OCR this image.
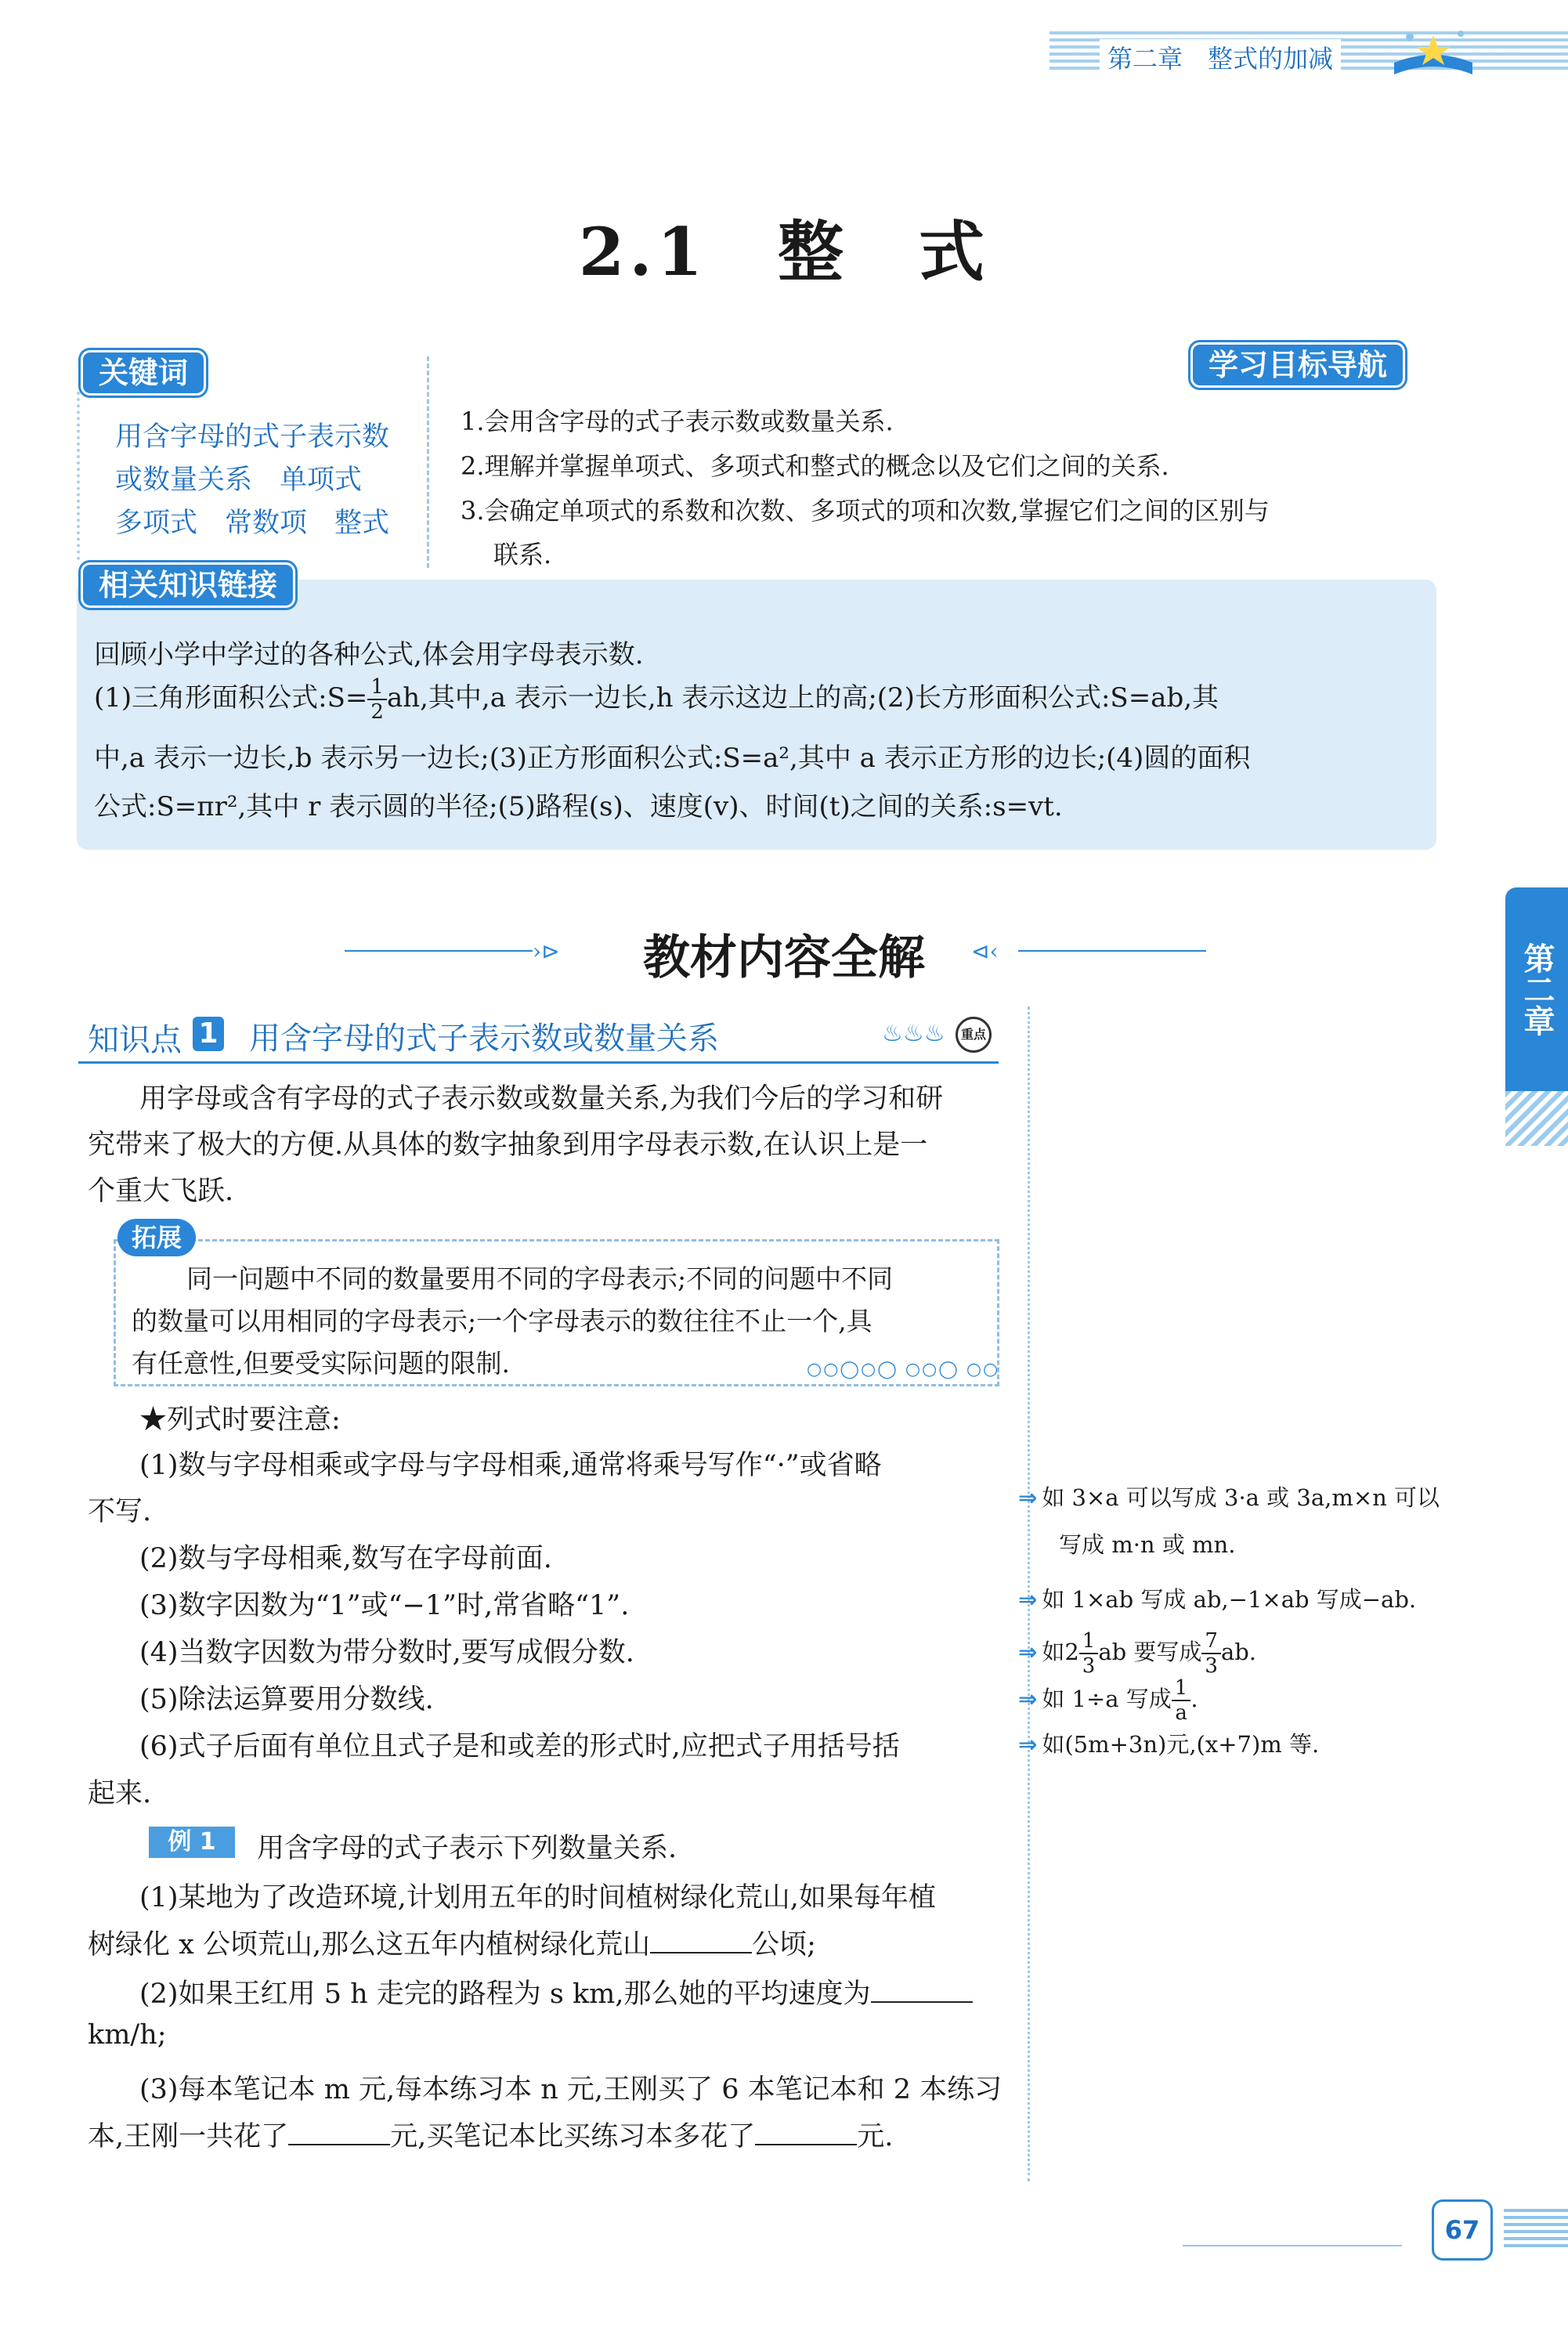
第二章　整式的加减
2.1　整　式
用含字母的式子表示数
或数量关系　单项式
多项式　常数项　整式
关键词
1.会用含字母的式子表示数或数量关系.
2.理解并掌握单项式、多项式和整式的概念以及它们之间的关系.
3.会确定单项式的系数和次数、多项式的项和次数,掌握它们之间的区别与
联系.
学习目标导航
回顾小学中学过的各种公式,体会用字母表示数.
(1)三角形面积公式:S= $\frac{1}{2}$ ah,其中,a 表示一边长,h 表示这边上的高;(2)长方形面积公式:S=ab,其
中,a 表示一边长,b 表示另一边长;(3)正方形面积公式:S=a²,其中 a 表示正方形的边长;(4)圆的面积
公式:S=πr²,其中 r 表示圆的半径;(5)路程(s)、速度(v)、时间(t)之间的关系:s=vt.
相关知识链接
›⊳	⊲‹
教材内容全解	第二章
知识点 1 用含字母的式子表示数或数量关系	♨♨♨	重点
用字母或含有字母的式子表示数或数量关系,为我们今后的学习和研
究带来了极大的方便.从具体的数字抽象到用字母表示数,在认识上是一
个重大飞跃.
同一问题中不同的数量要用不同的字母表示;不同的问题中不同
的数量可以用相同的字母表示;一个字母表示的数往往不止一个,具
有任意性,但要受实际问题的限制.
拓展
○○◯○◯ ○○◯ ○○
★列式时要注意:
(1)数与字母相乘或字母与字母相乘,通常将乘号写作“·”或省略
不写.
(2)数与字母相乘,数写在字母前面.
(3)数字因数为“1”或“−1”时,常省略“1”.
(4)当数字因数为带分数时,要写成假分数.
(5)除法运算要用分数线.
(6)式子后面有单位且式子是和或差的形式时,应把式子用括号括
起来.
⇒ 如 3×a 可以写成 3·a 或 3a,m×n 可以
写成 m·n 或 mn.
⇒ 如 1×ab 写成 ab,−1×ab 写成−ab.
⇒ 如$2 \frac{1}{3}$ ab 要写成 $\frac{7}{3}$ ab.
⇒ 如 1÷a 写成 $\frac{1}{a}$ .
⇒ 如(5m+3n)元,(x+7)m 等.
例 1	用含字母的式子表示下列数量关系.
(1)某地为了改造环境,计划用五年的时间植树绿化荒山,如果每年植
树绿化 x 公顷荒山,那么这五年内植树绿化荒山	公顷;
(2)如果王红用 5 h 走完的路程为 s km,那么她的平均速度为
km/h;
(3)每本笔记本 m 元,每本练习本 n 元,王刚买了 6 本笔记本和 2 本练习
本,王刚一共花了	元,买笔记本比买练习本多花了	元.
67
